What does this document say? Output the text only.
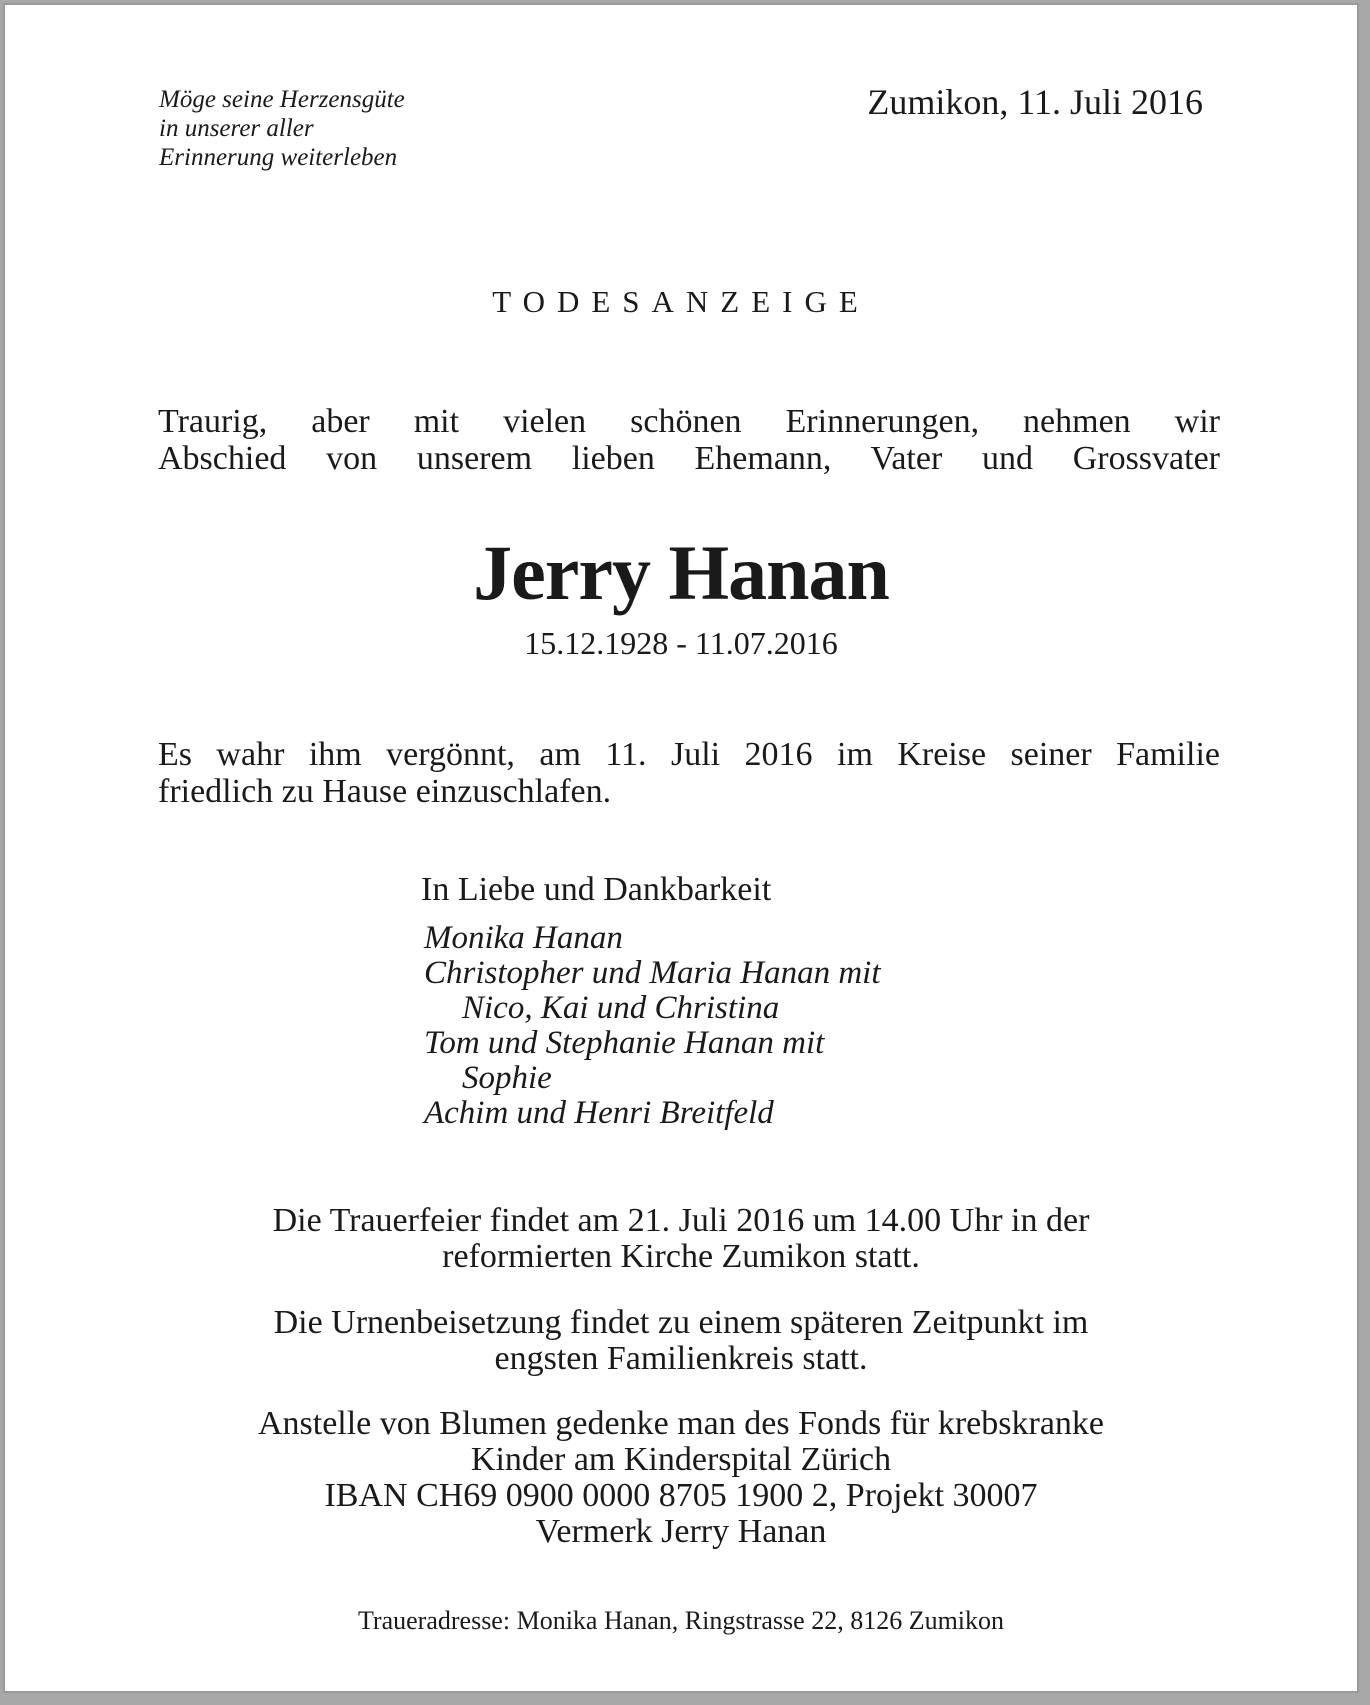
Möge seine Herzensgüte
in unserer aller
Erinnerung weiterleben
Zumikon, 11. Juli 2016
TODESANZEIGE
Traurig, aber mit vielen schönen Erinnerungen, nehmen wir
Abschied von unserem lieben Ehemann, Vater und Grossvater
Jerry Hanan
15.12.1928 - 11.07.2016
Es wahr ihm vergönnt, am 11. Juli 2016 im Kreise seiner Familie
friedlich zu Hause einzuschlafen.
In Liebe und Dankbarkeit
Monika Hanan
Christopher und Maria Hanan mit
Nico, Kai und Christina
Tom und Stephanie Hanan mit
Sophie
Achim und Henri Breitfeld
Die Trauerfeier findet am 21. Juli 2016 um 14.00 Uhr in der
reformierten Kirche Zumikon statt.
Die Urnenbeisetzung findet zu einem späteren Zeitpunkt im
engsten Familienkreis statt.
Anstelle von Blumen gedenke man des Fonds für krebskranke
Kinder am Kinderspital Zürich
IBAN CH69 0900 0000 8705 1900 2, Projekt 30007
Vermerk Jerry Hanan
Traueradresse: Monika Hanan, Ringstrasse 22, 8126 Zumikon
